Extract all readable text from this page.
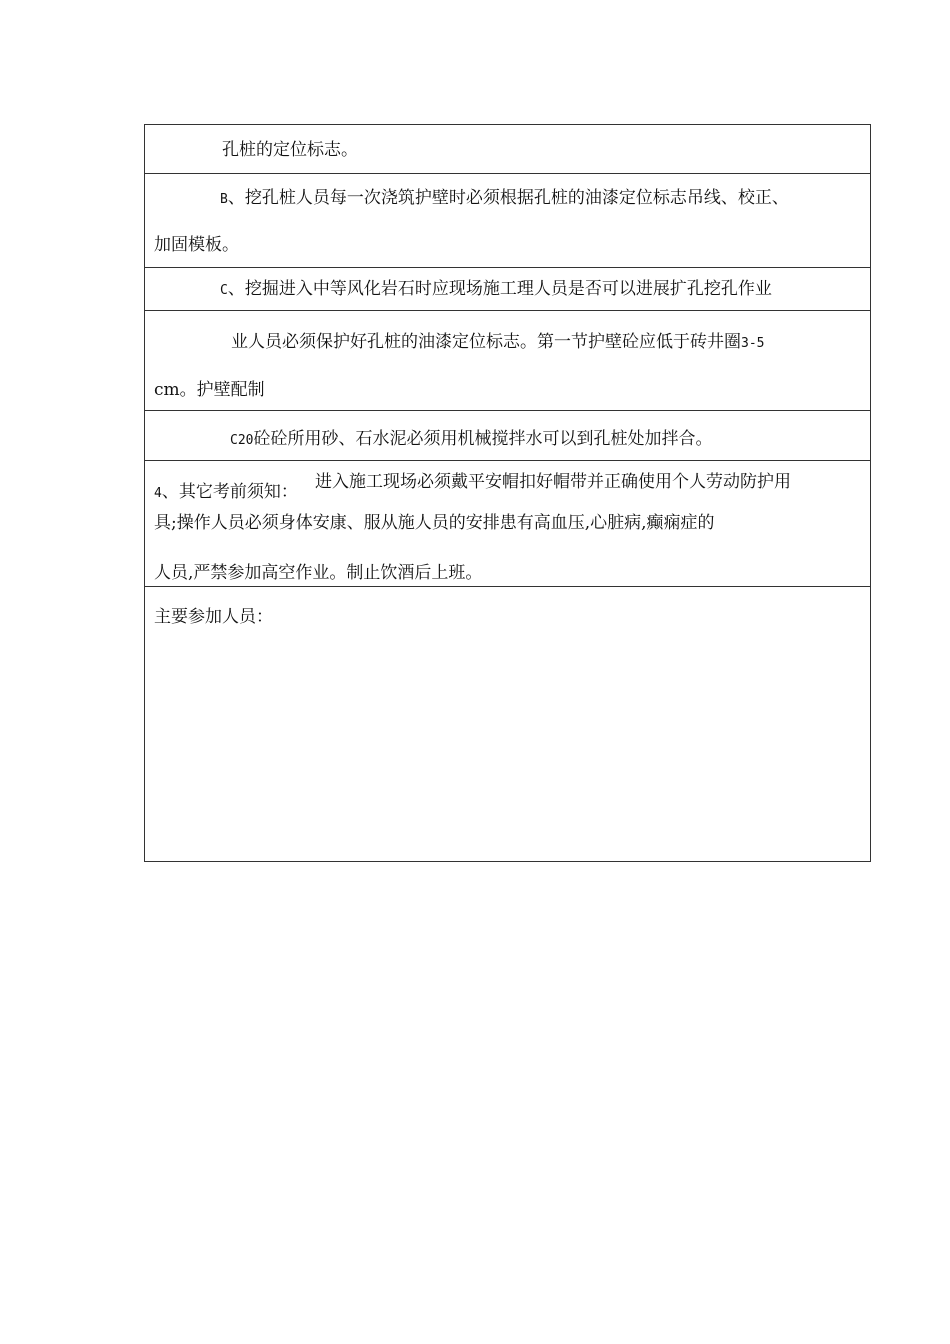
孔桩的定位标志。
B、挖孔桩人员每一次浇筑护壁时必须根据孔桩的油漆定位标志吊线、校正、
加固模板。
C、挖掘进入中等风化岩石时应现场施工理人员是否可以进展扩孔挖孔作业
业人员必须保护好孔桩的油漆定位标志。第一节护壁砼应低于砖井圈3-5
cm。护壁配制
C20砼砼所用砂、石水泥必须用机械搅拌水可以到孔桩处加拌合。
4、其它考前须知： 进入施工现场必须戴平安帽扣好帽带并正确使用个人劳动防护用
具;操作人员必须身体安康、服从施人员的安排患有高血压,心脏病,癫痫症的
人员,严禁参加高空作业。制止饮酒后上班。
主要参加人员：
